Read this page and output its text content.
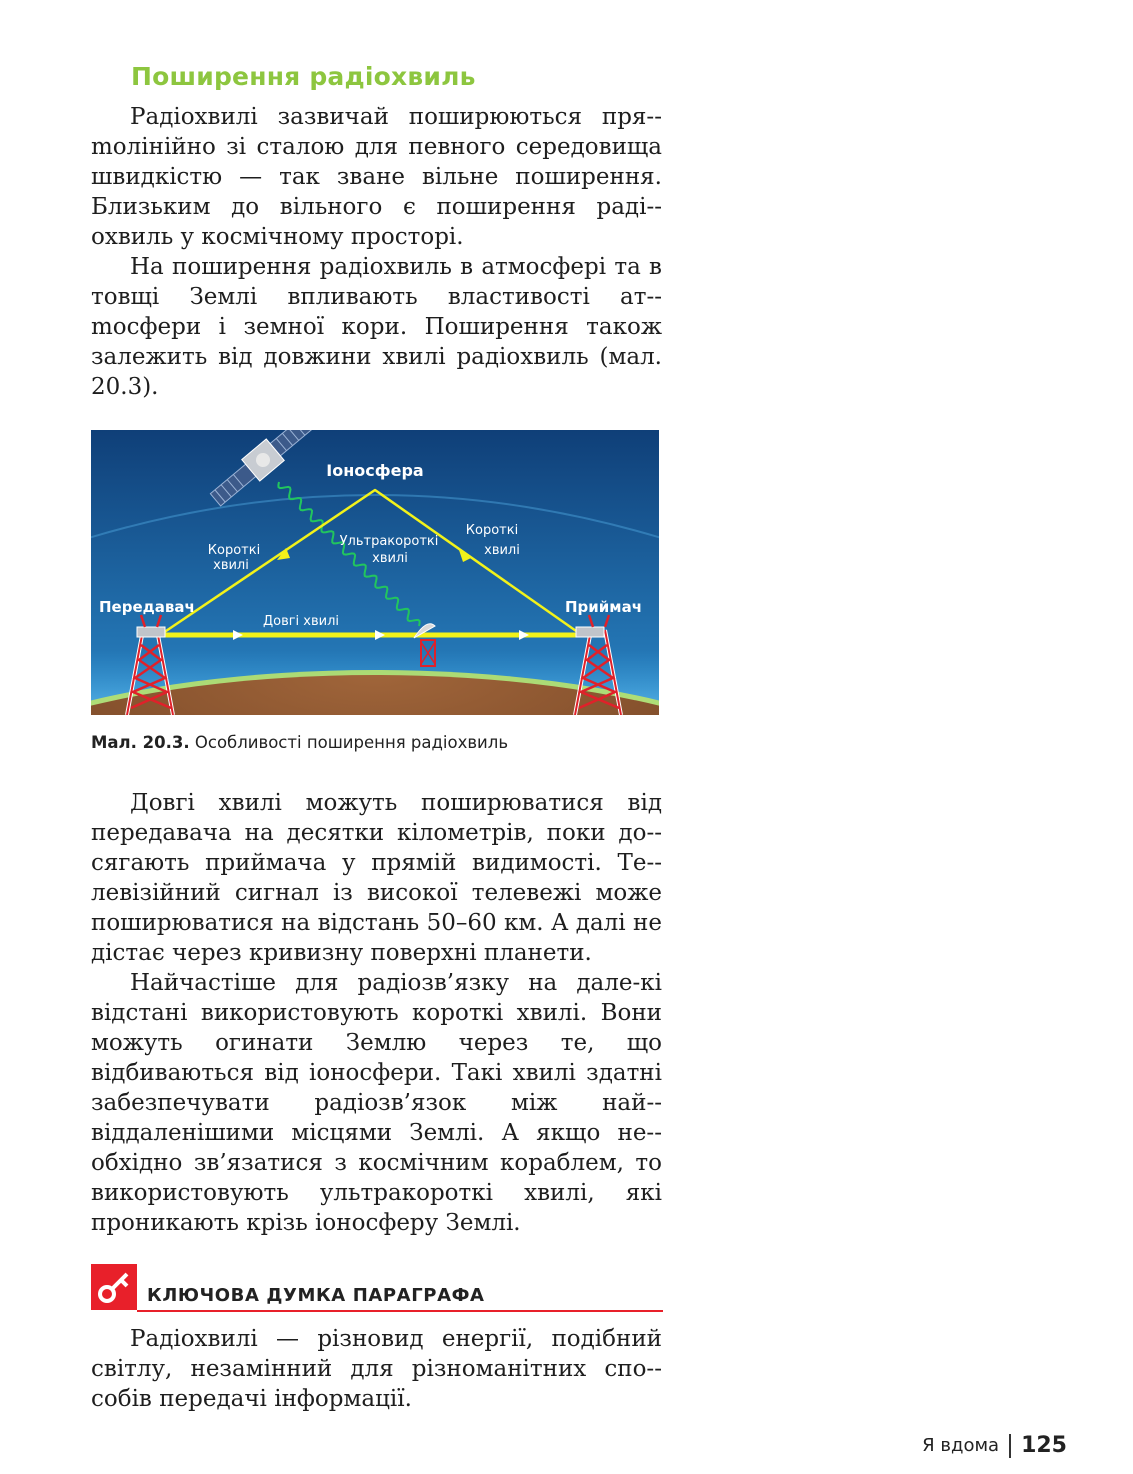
Поширення радіохвиль

Радіохвилі зазвичай поширюються пря-mолінійно зі сталою для певного середовища швидкістю — так зване вільне поширення. Близьким до вільного є поширення раді-охвиль у космічному просторі.

На поширення радіохвиль в атмосфері та в товщі Землі впливають властивості ат-mосфери і земної кори. Поширення також залежить від довжини хвилі радіохвиль (мал. 20.3).

Іоносфера
Передавач	Приймач
Короткі
хвилі
Короткі
хвилі
Ультракороткі
хвилі
Довгі хвилі
Мал. 20.3. Особливості поширення радіохвиль

Довгі хвилі можуть поширюватися від передавача на десятки кілометрів, поки до-сягають приймача у прямій видимості. Те-левізійний сигнал із високої телевежі може поширюватися на відстань 50–60 км. А далі не дістає через кривизну поверхні планети.

Найчастіше для радіозв’язку на дале-кі відстані використовують короткі хвилі. Вони можуть огинати Землю через те, що відбиваються від іоносфери. Такі хвилі здатні забезпечувати радіозв’язок між най-віддаленішими місцями Землі. А якщо не-обхідно зв’язатися з космічним кораблем, то використовують ультракороткі хвилі, які проникають крізь іоносферу Землі.

КЛЮЧОВА ДУМКА ПАРАГРАФА

Радіохвилі — різновид енергії, подібний світлу, незамінний для різноманітних спо-собів передачі інформації.

Я вдома 125
